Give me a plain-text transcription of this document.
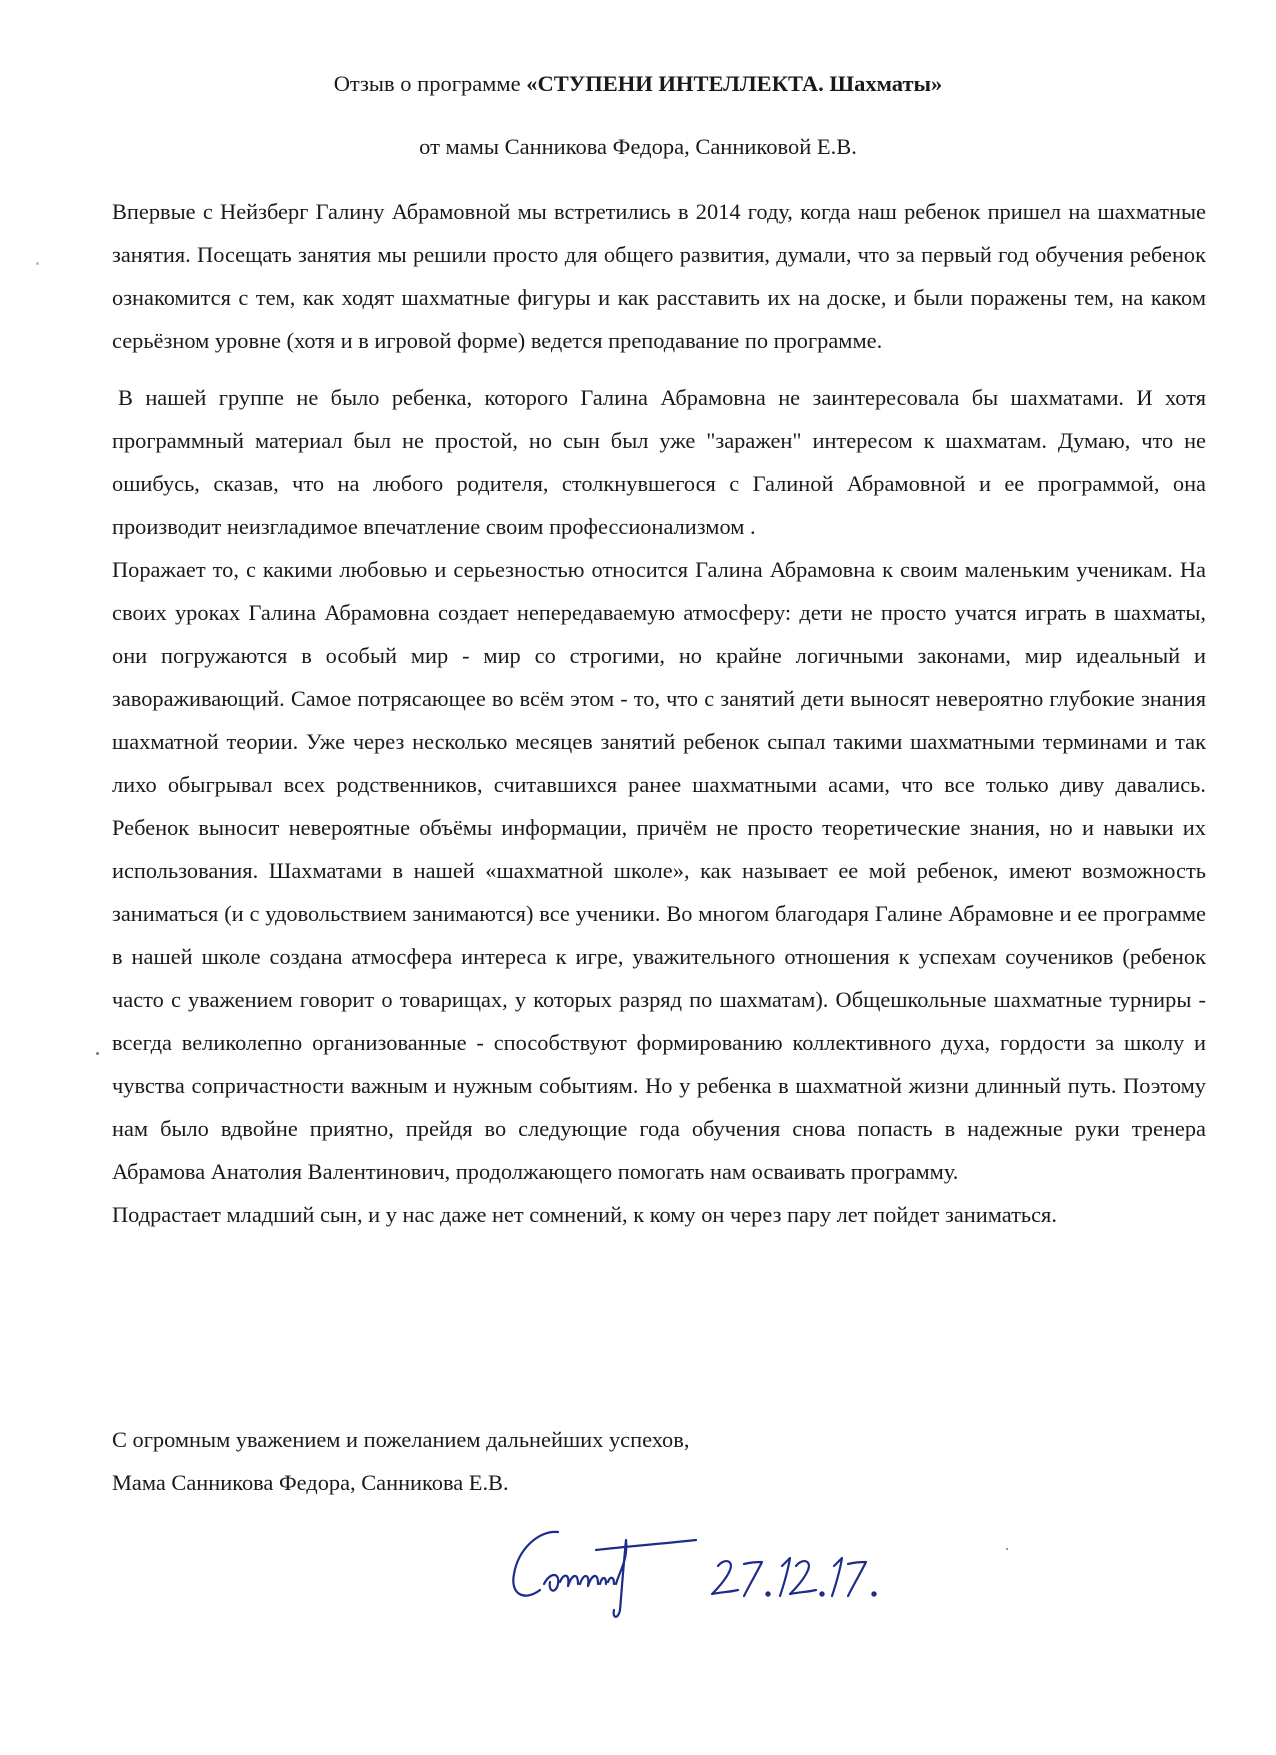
Отзыв о программе «СТУПЕНИ ИНТЕЛЛЕКТА. Шахматы»
от мамы Санникова Федора, Санниковой Е.В.

Впервые с Нейзберг Галину Абрамовной мы встретились в 2014 году, когда наш ребенок пришел на шахматные занятия. Посещать занятия мы решили просто для общего развития, думали, что за первый год обучения ребенок ознакомится с тем, как ходят шахматные фигуры и как расставить их на доске, и были поражены тем, на каком серьёзном уровне (хотя и в игровой форме) ведется преподавание по программе.

В нашей группе не было ребенка, которого Галина Абрамовна не заинтересовала бы шахматами. И хотя программный материал был не простой, но сын был уже "заражен" интересом к шахматам. Думаю, что не ошибусь, сказав, что на любого родителя, столкнувшегося с Галиной Абрамовной и ее программой, она производит неизгладимое впечатление своим профессионализмом .

Поражает то, с какими любовью и серьезностью относится Галина Абрамовна к своим маленьким ученикам. На своих уроках Галина Абрамовна создает непередаваемую атмосферу: дети не просто учатся играть в шахматы, они погружаются в особый мир - мир со строгими, но крайне логичными законами, мир идеальный и завораживающий. Самое потрясающее во всём этом - то, что с занятий дети выносят невероятно глубокие знания шахматной теории. Уже через несколько месяцев занятий ребенок сыпал такими шахматными терминами и так лихо обыгрывал всех родственников, считавшихся ранее шахматными асами, что все только диву давались. Ребенок выносит невероятные объёмы информации, причём не просто теоретические знания, но и навыки их использования. Шахматами в нашей «шахматной школе», как называет ее мой ребенок, имеют возможность заниматься (и с удовольствием занимаются) все ученики. Во многом благодаря Галине Абрамовне и ее программе в нашей школе создана атмосфера интереса к игре, уважительного отношения к успехам соучеников (ребенок часто с уважением говорит о товарищах, у которых разряд по шахматам). Общешкольные шахматные турниры - всегда великолепно организованные - способствуют формированию коллективного духа, гордости за школу и чувства сопричастности важным и нужным событиям. Но у ребенка в шахматной жизни длинный путь. Поэтому нам было вдвойне приятно, прейдя во следующие года обучения снова попасть в надежные руки тренера Абрамова Анатолия Валентинович, продолжающего помогать нам осваивать программу.

Подрастает младший сын, и у нас даже нет сомнений, к кому он через пару лет пойдет заниматься.

С огромным уважением и пожеланием дальнейших успехов,
Мама Санникова Федора, Санникова Е.В.
